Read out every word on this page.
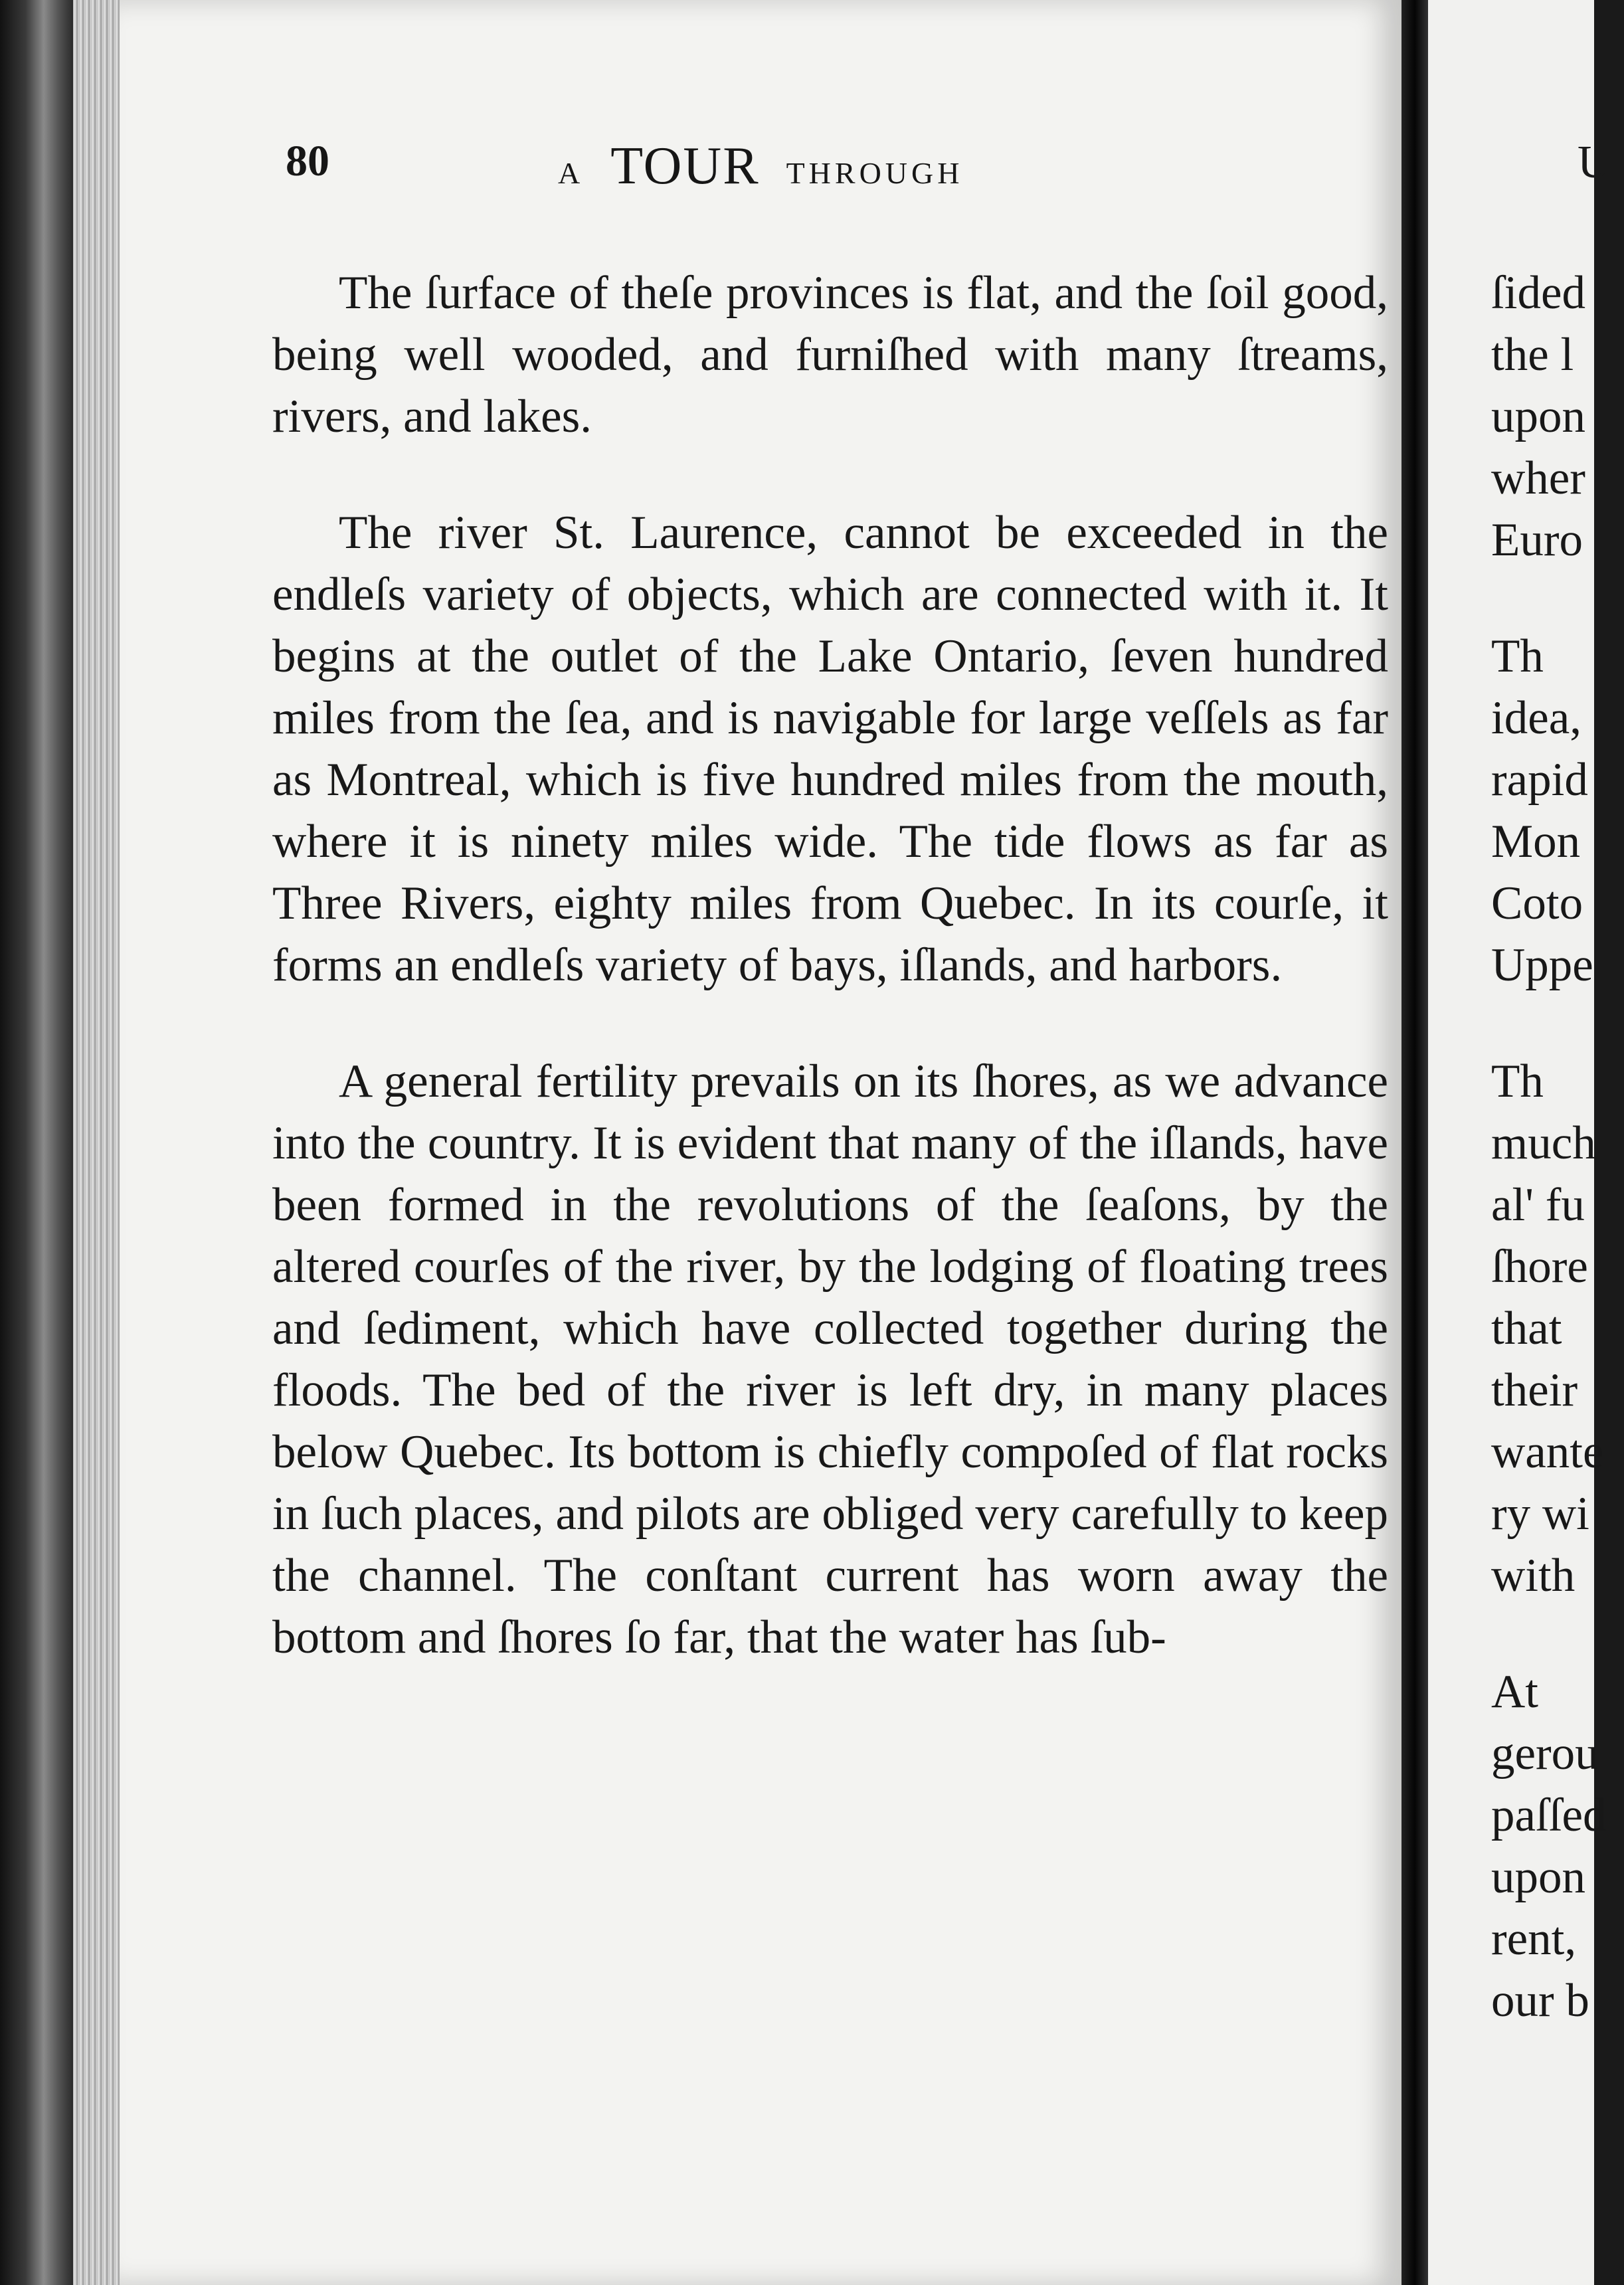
80	A TOUR THROUGH

The ſurface of theſe provinces is flat, and the ſoil good, being well wooded, and furniſhed with many ſtreams, rivers, and lakes.

The river St. Laurence, cannot be exceeded in the endleſs variety of objects, which are connected with it. It begins at the outlet of the Lake Ontario, ſeven hundred miles from the ſea, and is navigable for large veſſels as far as Montreal, which is five hundred miles from the mouth, where it is ninety miles wide. The tide flows as far as Three Rivers, eighty miles from Quebec. In its courſe, it forms an endleſs variety of bays, iſlands, and harbors.

A general fertility prevails on its ſhores, as we advance into the country. It is evident that many of the iſlands, have been formed in the revolutions of the ſeaſons, by the altered courſes of the river, by the lodging of floating trees and ſediment, which have collected together during the floods. The bed of the river is left dry, in many places below Quebec. Its bottom is chiefly compoſed of flat rocks in ſuch places, and pilots are obliged very carefully to keep the channel. The conſtant current has worn away the bottom and ſhores ſo far, that the water has ſub-

U
ſided
the l
upon
wher
Euro
Th
idea,
rapid
Mon
Coto
Uppe
Th
much
al' fu
ſhore
that
their
wante
ry wi
with
At
gerou
paſſed
upon
rent,
our b
